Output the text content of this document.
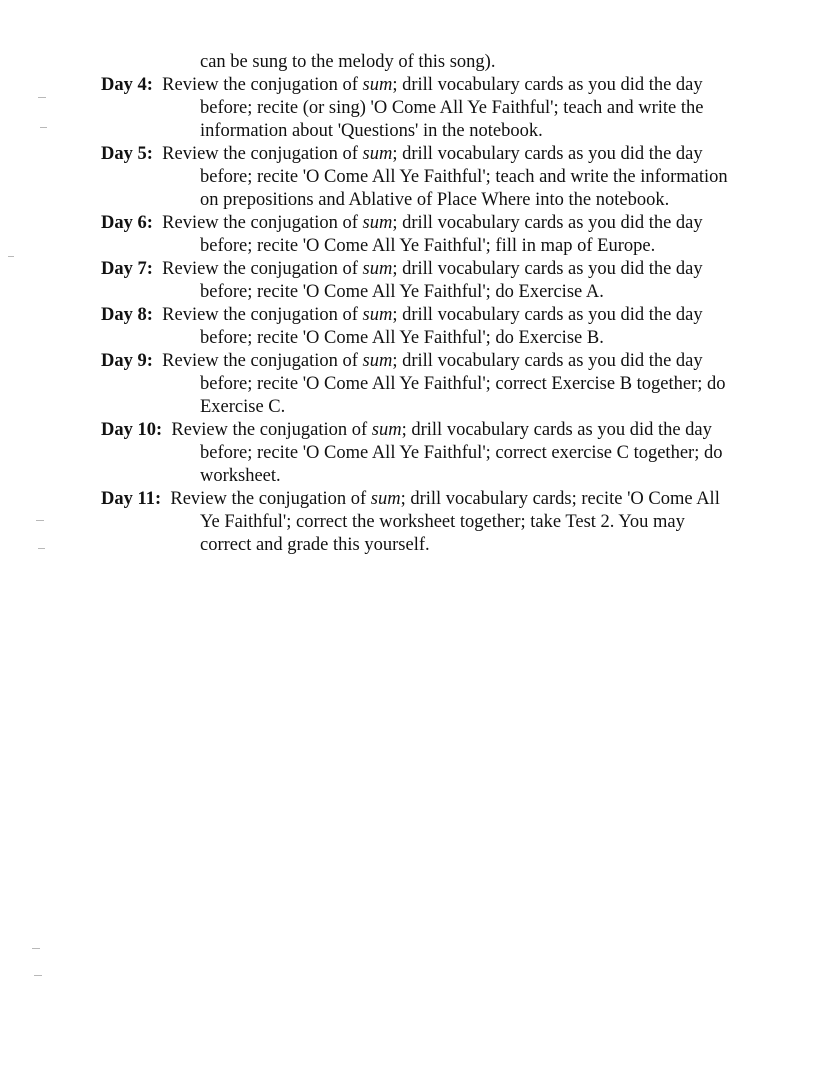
can be sung to the melody of this song).
Day 4: Review the conjugation of sum; drill vocabulary cards as you did the day
before; recite (or sing) 'O Come All Ye Faithful'; teach and write the
information about 'Questions' in the notebook.
Day 5: Review the conjugation of sum; drill vocabulary cards as you did the day
before; recite 'O Come All Ye Faithful'; teach and write the information
on prepositions and Ablative of Place Where into the notebook.
Day 6: Review the conjugation of sum; drill vocabulary cards as you did the day
before; recite 'O Come All Ye Faithful'; fill in map of Europe.
Day 7: Review the conjugation of sum; drill vocabulary cards as you did the day
before; recite 'O Come All Ye Faithful'; do Exercise A.
Day 8: Review the conjugation of sum; drill vocabulary cards as you did the day
before; recite 'O Come All Ye Faithful'; do Exercise B.
Day 9: Review the conjugation of sum; drill vocabulary cards as you did the day
before; recite 'O Come All Ye Faithful'; correct Exercise B together; do
Exercise C.
Day 10: Review the conjugation of sum; drill vocabulary cards as you did the day
before; recite 'O Come All Ye Faithful'; correct exercise C together; do
worksheet.
Day 11: Review the conjugation of sum; drill vocabulary cards; recite 'O Come All
Ye Faithful'; correct the worksheet together; take Test 2. You may
correct and grade this yourself.
